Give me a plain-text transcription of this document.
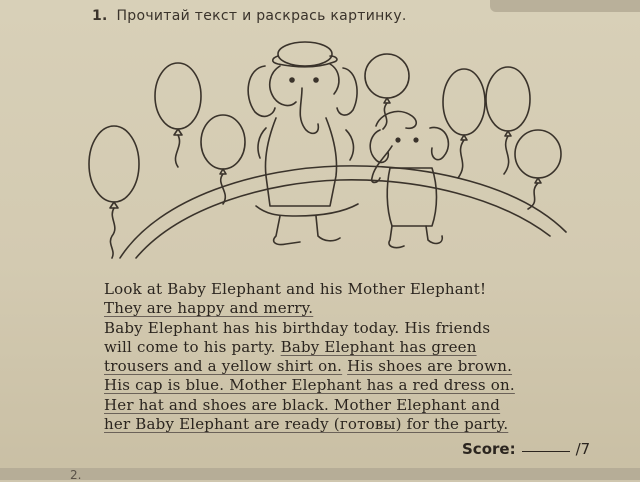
1. Прочитай текст и раскрась картинку.
Look at Baby Elephant and his Mother Elephant!
They are happy and merry.
Baby Elephant has his birthday today. His friends
will come to his party. Baby Elephant has green
trousers and a yellow shirt on. His shoes are brown.
His cap is blue. Mother Elephant has a red dress on.
Her hat and shoes are black. Mother Elephant and
her Baby Elephant are ready (готовы) for the party.
Score:	/7
2.
